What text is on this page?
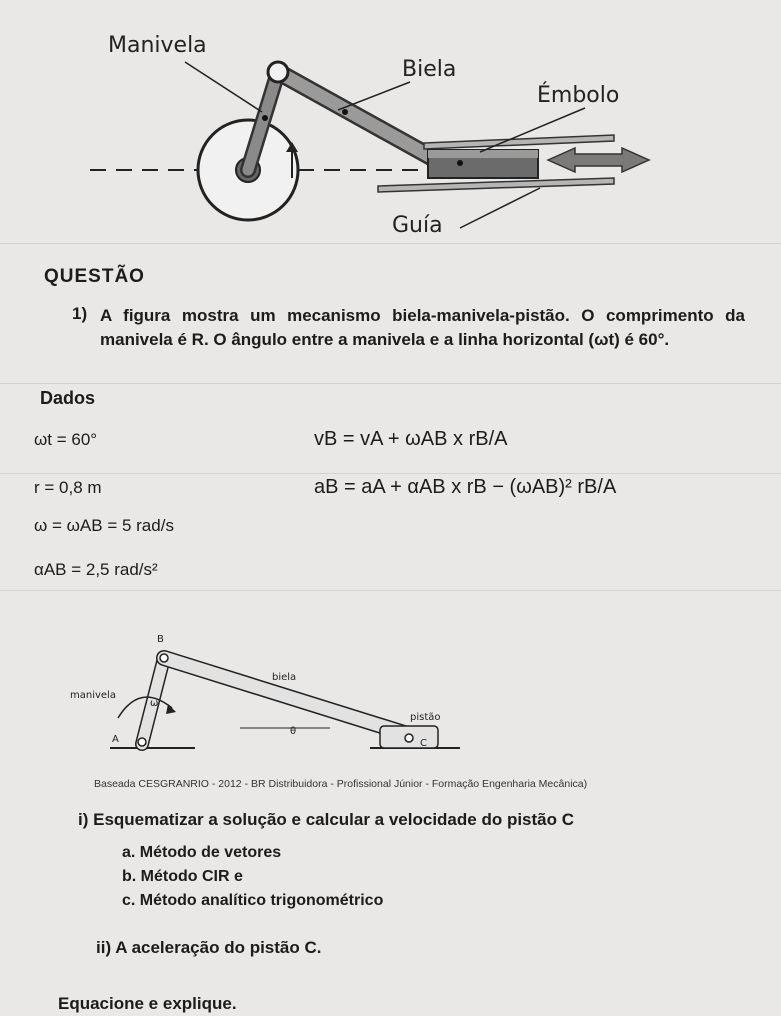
Manivela
Biela
Émbolo
Guía
QUESTÃO
1) A figura mostra um mecanismo biela-manivela-pistão. O comprimento da manivela é R. O ângulo entre a manivela e a linha horizontal (ωt) é 60°.
Dados
ωt = 60°
r = 0,8 m
ω = ωAB = 5 rad/s
αAB = 2,5 rad/s²
vB = vA + ωAB x rB/A
aB = aA + αAB x rB − (ωAB)² rB/A
B
biela
manivela
ω
θ
A
pistão
C
Baseada CESGRANRIO - 2012 - BR Distribuidora - Profissional Júnior - Formação Engenharia Mecânica)
i) Esquematizar a solução e calcular a velocidade do pistão C
a. Método de vetores
b. Método CIR e
c. Método analítico trigonométrico
ii) A aceleração do pistão C.
Equacione e explique.
